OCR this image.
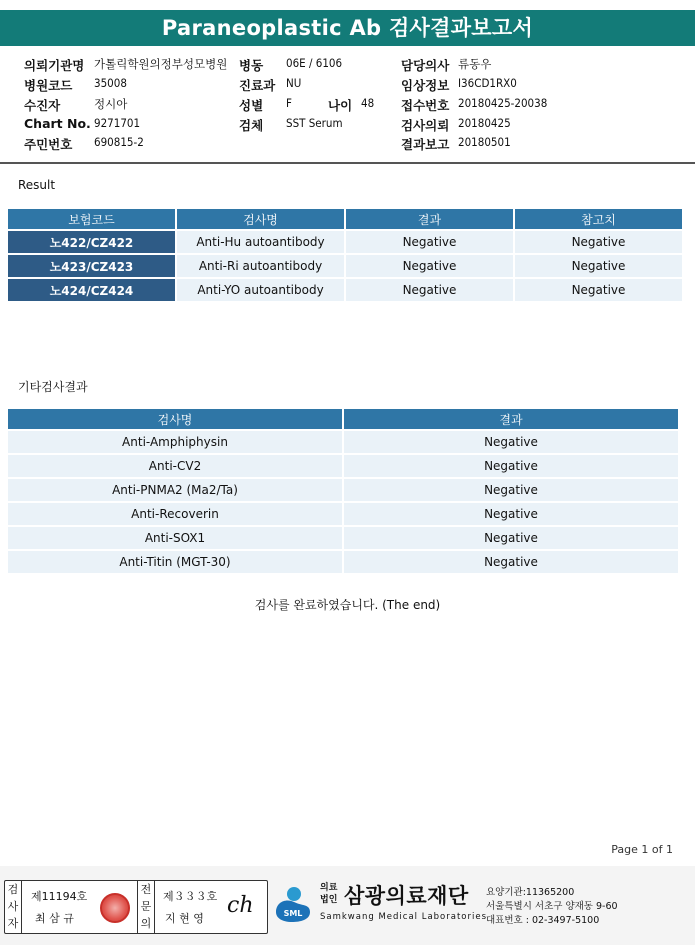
Paraneoplastic Ab 검사결과보고서
의뢰기관명 가톨릭학원의정부성모병원 병동 06E / 6106	담당의사 류동우
병원코드 35008	진료과 NU	임상정보 I36CD1RX0
수진자	정시아	성별 F	나이 48 접수번호 20180425-20038
Chart No. 9271701	검체 SST Serum	검사의뢰 20180425
주민번호 690815-2	결과보고 20180501
Result
보험코드	검사명	결과	참고치
노422/CZ422	Anti-Hu autoantibody	Negative	Negative
노423/CZ423	Anti-Ri autoantibody	Negative	Negative
노424/CZ424	Anti-YO autoantibody	Negative	Negative
기타검사결과
검사명	결과
Anti-Amphiphysin	Negative
Anti-CV2	Negative
Anti-PNMA2 (Ma2/Ta)	Negative
Anti-Recoverin	Negative
Anti-SOX1	Negative
Anti-Titin (MGT-30)	Negative
검사를 완료하였습니다. (The end)
Page 1 of 1
검사자
제11194호
최 삼 규
전문의
제３３３호
지 현 영
ch	SML
의료
법인 삼광의료재단
Samkwang Medical Laboratories
요양기관:11365200
서울특별시 서초구 양재동 9-60
대표번호 : 02-3497-5100
